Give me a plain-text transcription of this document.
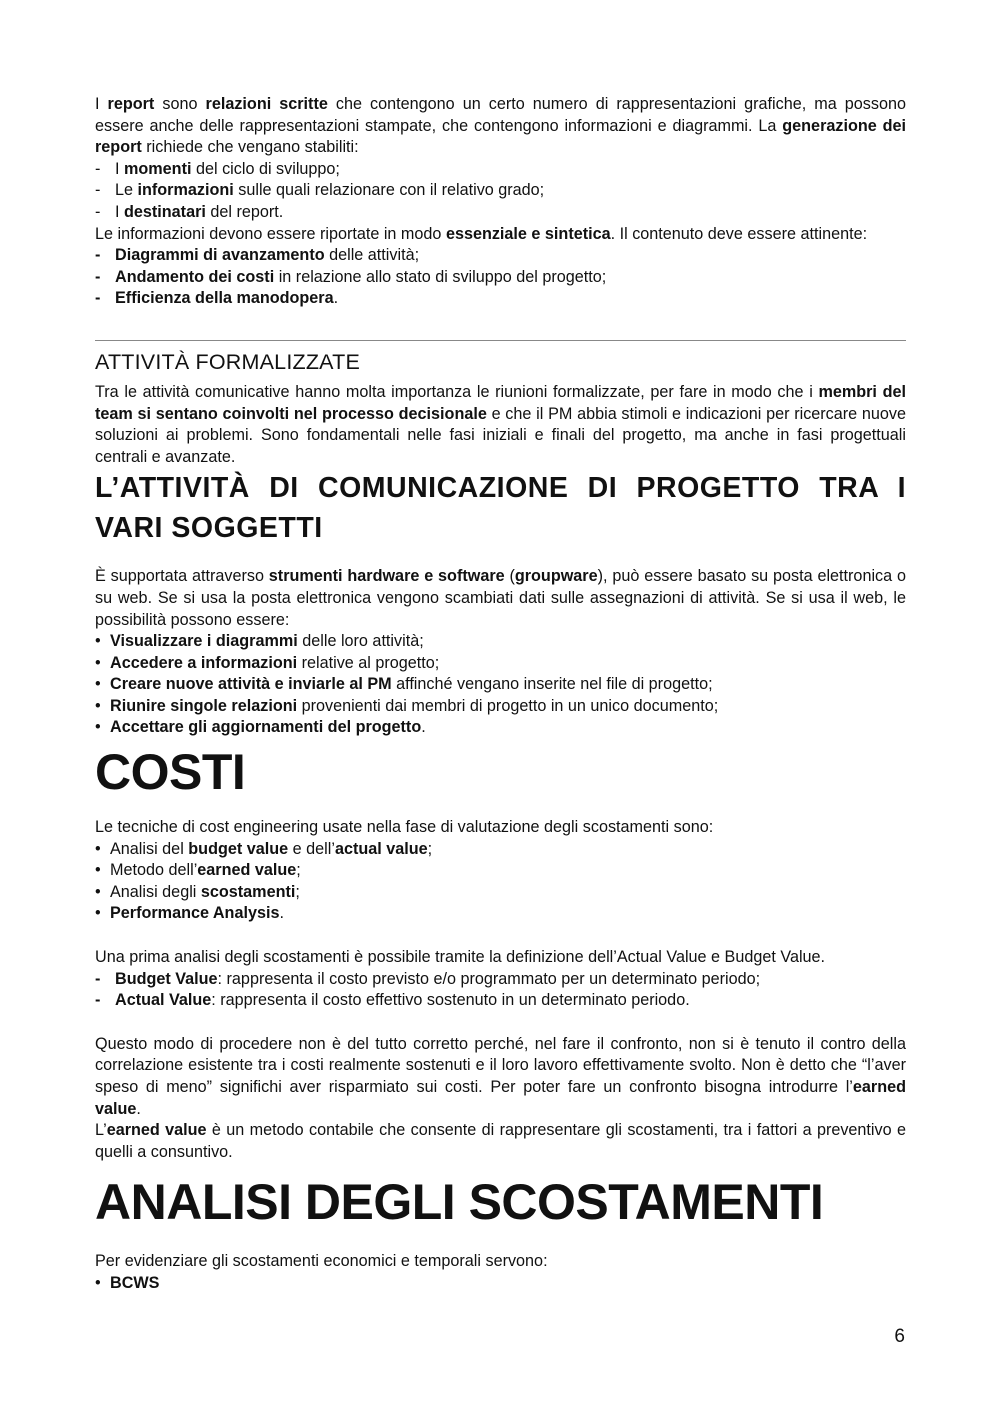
I report sono relazioni scritte che contengono un certo numero di rappresentazioni grafiche, ma possono essere anche delle rappresentazioni stampate, che contengono informazioni e diagrammi. La generazione dei report richiede che vengano stabiliti:

- I momenti del ciclo di sviluppo;
- Le informazioni sulle quali relazionare con il relativo grado;
- I destinatari del report.

Le informazioni devono essere riportate in modo essenziale e sintetica. Il contenuto deve essere attinente:

- Diagrammi di avanzamento delle attività;
- Andamento dei costi in relazione allo stato di sviluppo del progetto;
- Efficienza della manodopera.
ATTIVITÀ FORMALIZZATE

Tra le attività comunicative hanno molta importanza le riunioni formalizzate, per fare in modo che i membri del team si sentano coinvolti nel processo decisionale e che il PM abbia stimoli e indicazioni per ricercare nuove soluzioni ai problemi. Sono fondamentali nelle fasi iniziali e finali del progetto, ma anche in fasi progettuali centrali e avanzate.

L’ATTIVITÀ DI COMUNICAZIONE DI PROGETTO TRA I VARI SOGGETTI

È supportata attraverso strumenti hardware e software (groupware), può essere basato su posta elettronica o su web. Se si usa la posta elettronica vengono scambiati dati sulle assegnazioni di attività. Se si usa il web, le possibilità possono essere:

• Visualizzare i diagrammi delle loro attività;
• Accedere a informazioni relative al progetto;
• Creare nuove attività e inviarle al PM affinché vengano inserite nel file di progetto;
• Riunire singole relazioni provenienti dai membri di progetto in un unico documento;
• Accettare gli aggiornamenti del progetto.
COSTI

Le tecniche di cost engineering usate nella fase di valutazione degli scostamenti sono:

• Analisi del budget value e dell’actual value;
• Metodo dell’earned value;
• Analisi degli scostamenti;
• Performance Analysis.

Una prima analisi degli scostamenti è possibile tramite la definizione dell’Actual Value e Budget Value.

- Budget Value: rappresenta il costo previsto e/o programmato per un determinato periodo;
- Actual Value: rappresenta il costo effettivo sostenuto in un determinato periodo.

Questo modo di procedere non è del tutto corretto perché, nel fare il confronto, non si è tenuto il contro della correlazione esistente tra i costi realmente sostenuti e il loro lavoro effettivamente svolto. Non è detto che “l’aver speso di meno” significhi aver risparmiato sui costi. Per poter fare un confronto bisogna introdurre l’earned value.

L’earned value è un metodo contabile che consente di rappresentare gli scostamenti, tra i fattori a preventivo e quelli a consuntivo.

ANALISI DEGLI SCOSTAMENTI

Per evidenziare gli scostamenti economici e temporali servono:

• BCWS
6
